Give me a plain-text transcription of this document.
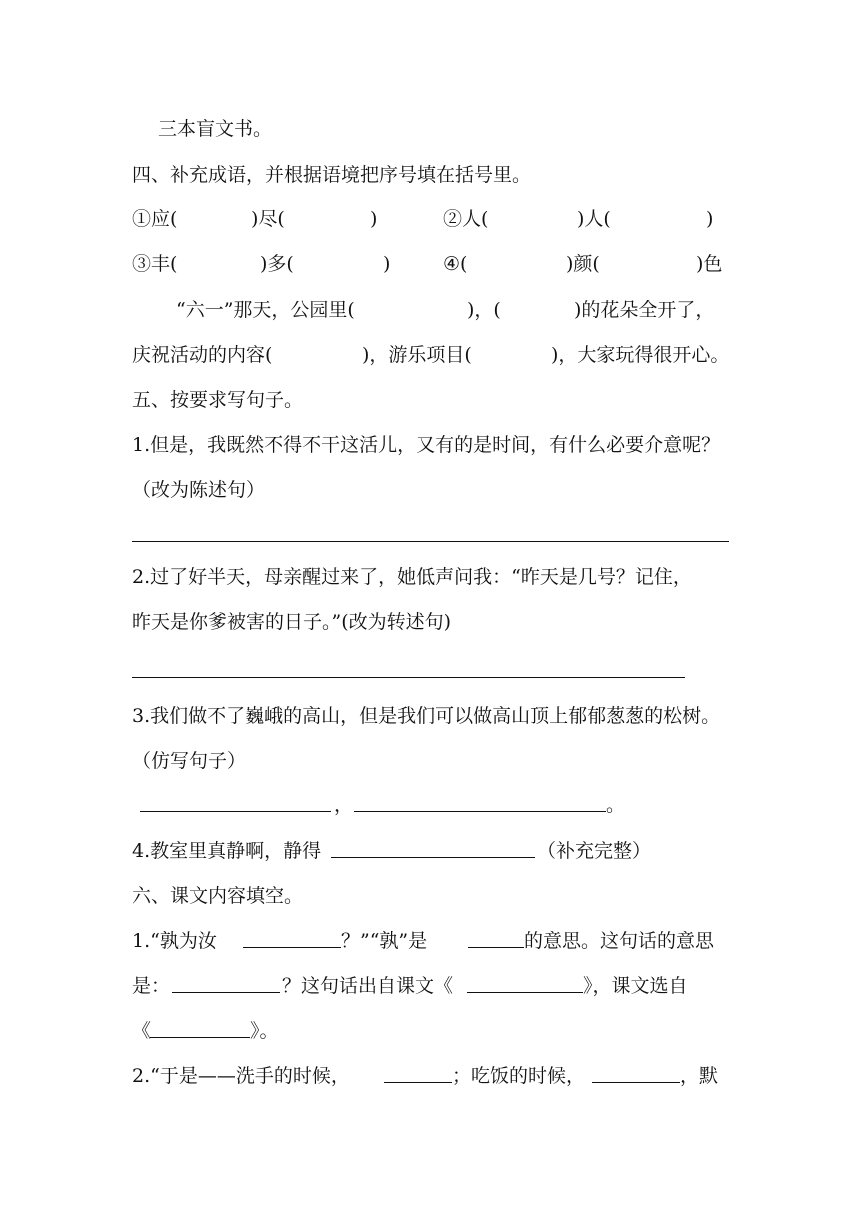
三本盲文书。
四、补充成语，并根据语境把序号填在括号里。
①应(	)尽(	)	②人(	)人(	)
③丰(	)多(	)	④(	)颜(	)色
“六一”那天，公园里(	)，(	)的花朵全开了，
庆祝活动的内容(	)，游乐项目(	)，大家玩得很开心。
五、按要求写句子。
1.但是，我既然不得不干这活儿，又有的是时间，有什么必要介意呢？
（改为陈述句）
2.过了好半天，母亲醒过来了，她低声问我：“昨天是几号？记住，
昨天是你爹被害的日子。”(改为转述句)
3.我们做不了巍峨的高山，但是我们可以做高山顶上郁郁葱葱的松树。
（仿写句子）
，	。
4.教室里真静啊，静得	（补充完整）
六、课文内容填空。
1.“孰为汝	？”“孰”是	的意思。这句话的意思
是：	？这句话出自课文《	》，课文选自
《	》。
2.“于是——洗手的时候，	；吃饭的时候，	，默
